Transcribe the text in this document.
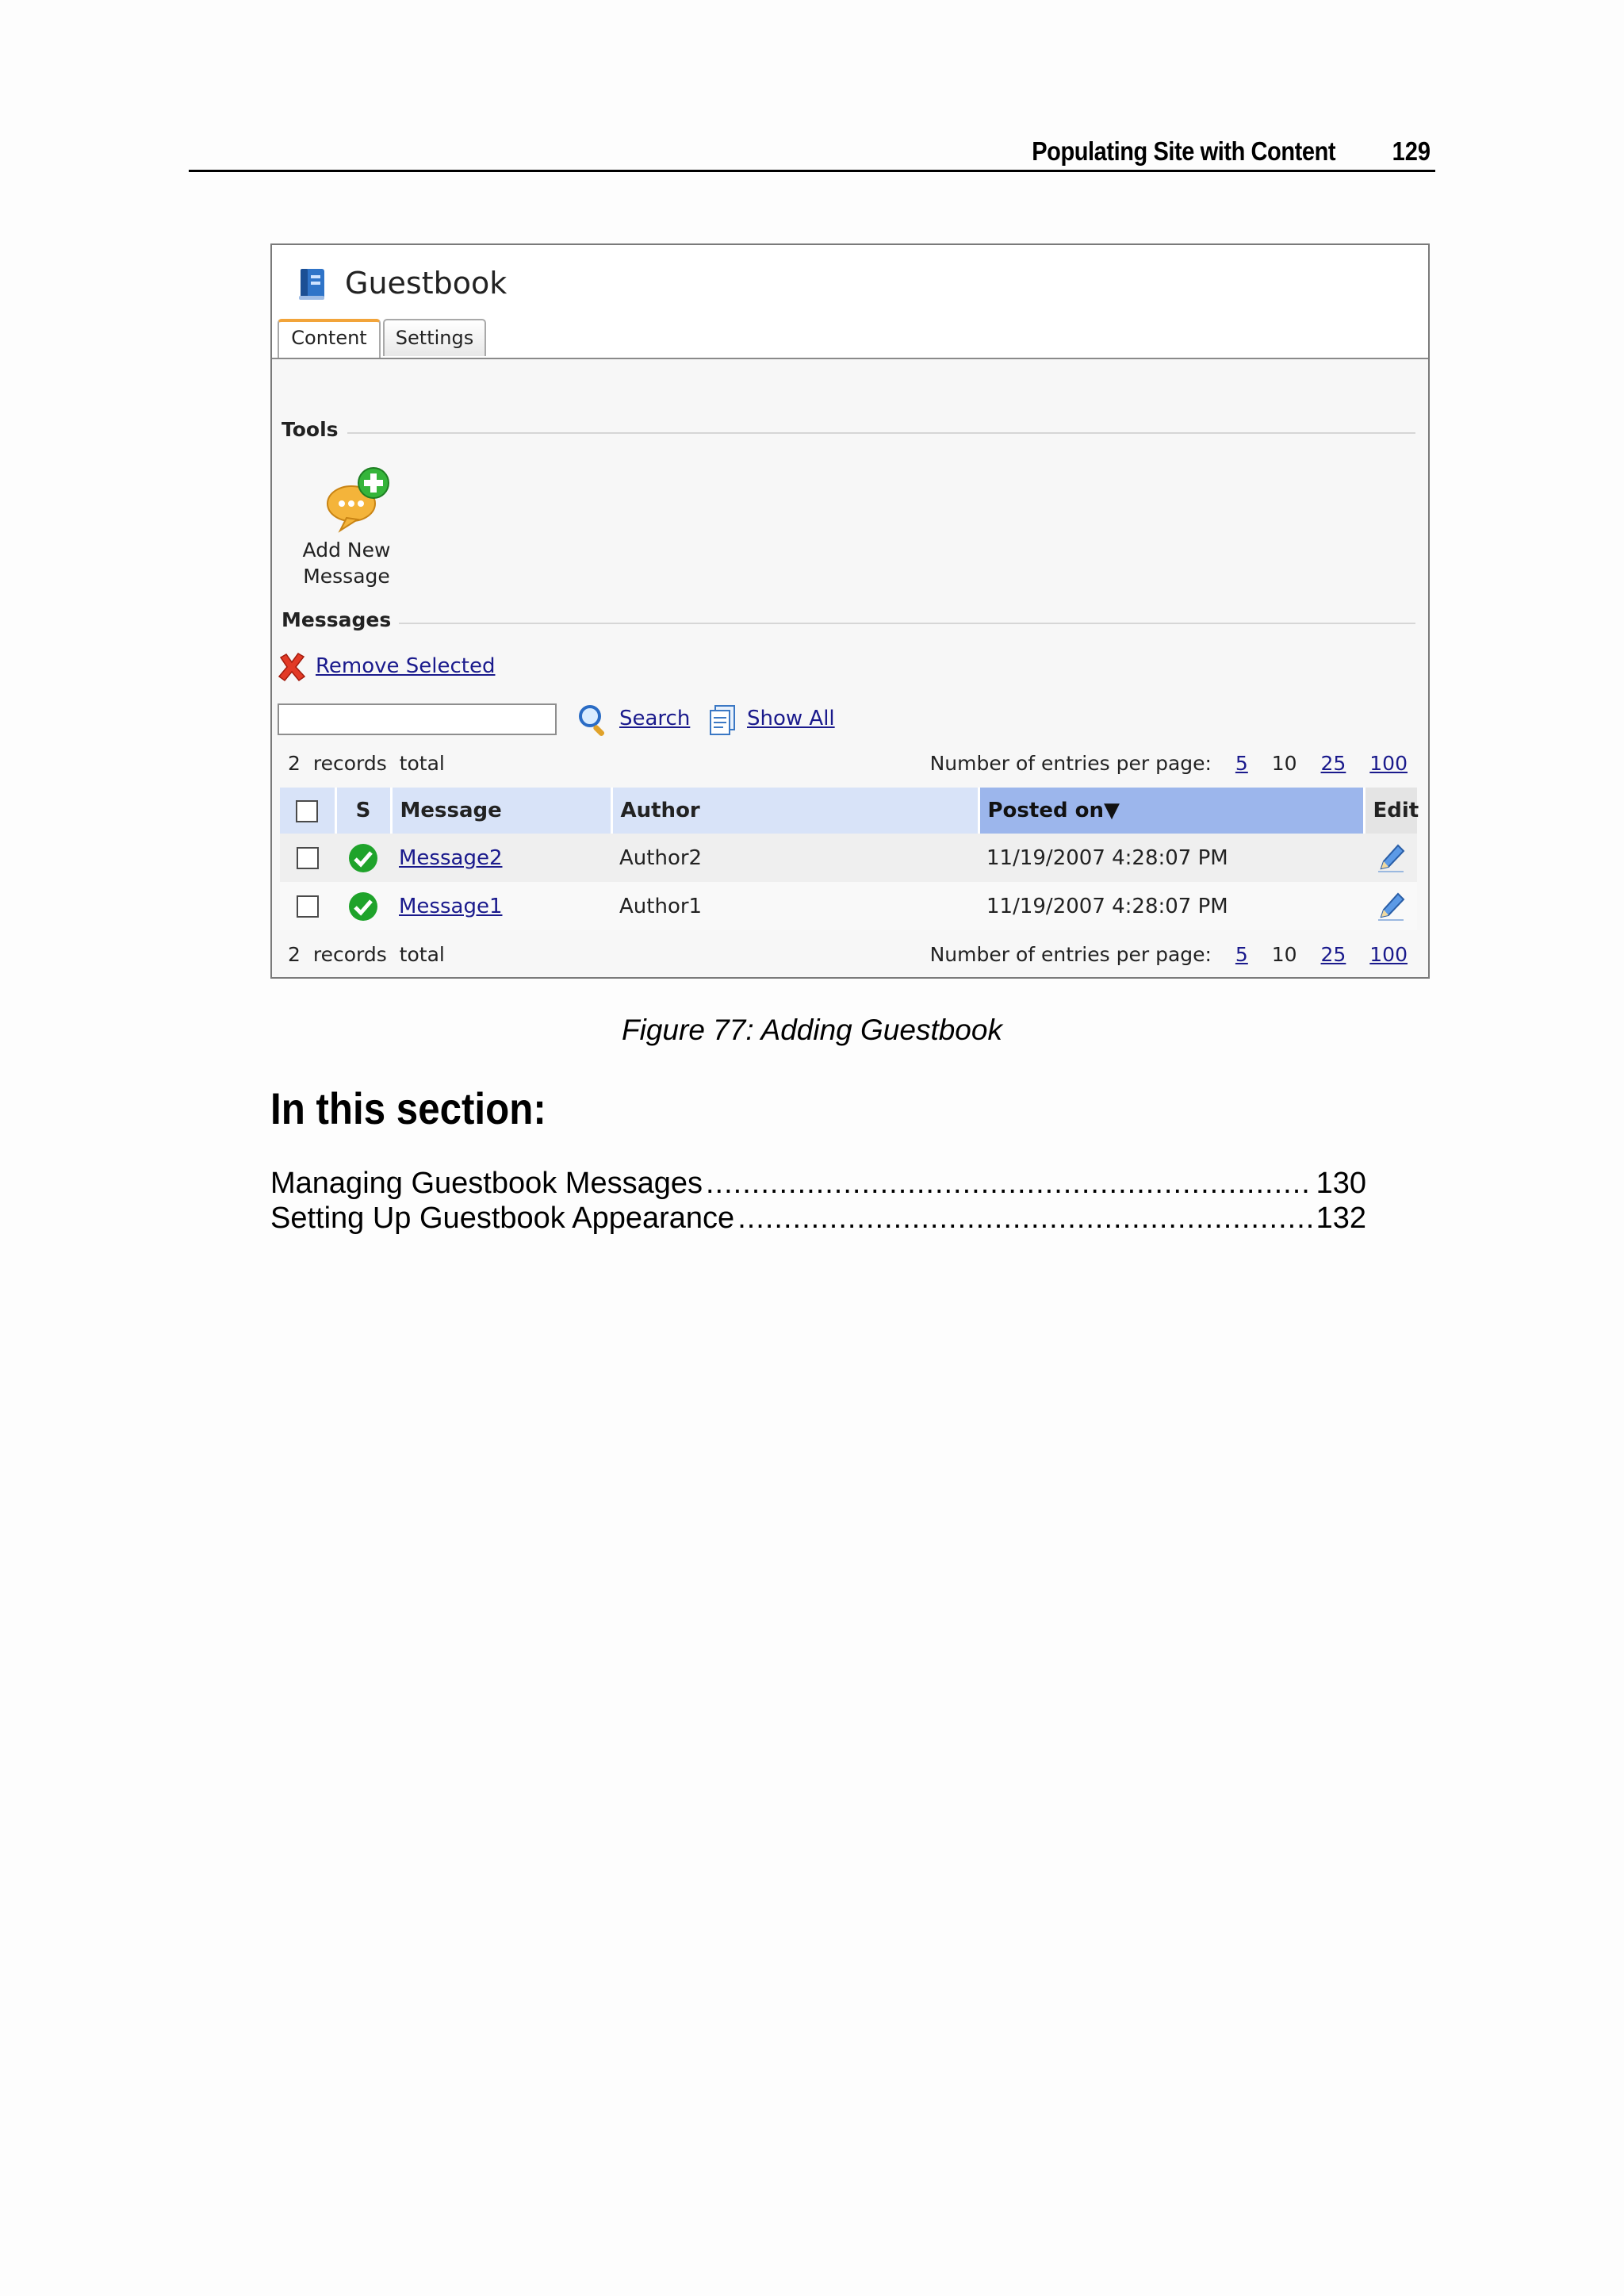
Populating Site with Content 129
Guestbook
Content	Settings
Tools
Add New
Message
Messages
Remove Selected
Search	Show All
2 records total	Number of entries per page: 5 10 25 100
	S	Message	Author	Posted on▼	Edit
		Message2	Author2	11/19/2007 4:28:07 PM	
		Message1	Author1	11/19/2007 4:28:07 PM	
2 records total	Number of entries per page: 5 10 25 100
Figure 77: Adding Guestbook
In this section:
Managing Guestbook Messages .....	130
Setting Up Guestbook Appearance .....	132
